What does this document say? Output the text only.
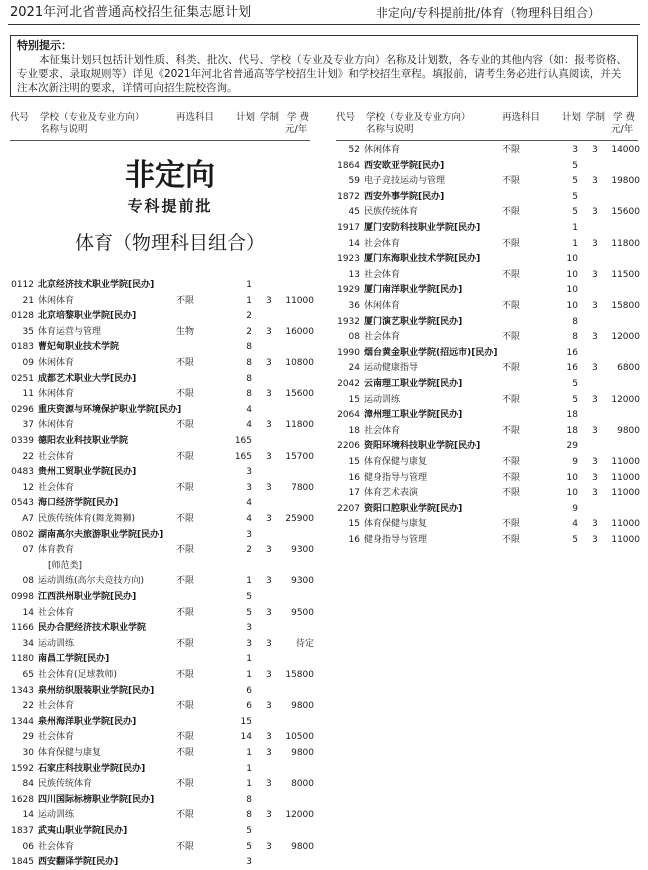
2021年河北省普通高校招生征集志愿计划	非定向/专科提前批/体育（物理科目组合）
特别提示：
本征集计划只包括计划性质、科类、批次、代号、学校（专业及专业方向）名称及计划数，各专业的其他内容（如：报考资格、专业要求、录取规则等）详见《2021年河北省普通高等学校招生计划》和学校招生章程。填报前，请考生务必进行认真阅读，并关注本次新注明的要求，详情可向招生院校咨询。
代号 学校（专业及专业方向）
名称与说明
再选科目 计划 学制 学 费
元/年
代号 学校（专业及专业方向）
名称与说明
再选科目 计划 学制 学 费
元/年
非定向
专科提前批
体育（物理科目组合）
0112 北京经济技术职业学院[民办]	1
21 休闲体育	不限	1 3	11000
0128 北京培黎职业学院[民办]	2
35 体育运营与管理	生物	2 3	16000
0183 曹妃甸职业技术学院	8
09 休闲体育	不限	8 3	10800
0251 成都艺术职业大学[民办]	8
11 休闲体育	不限	8 3	15600
0296 重庆资源与环境保护职业学院[民办]	4
37 休闲体育	不限	4 3	11800
0339 德阳农业科技职业学院	165
22 社会体育	不限	165 3	15700
0483 贵州工贸职业学院[民办]	3
12 社会体育	不限	3 3	7800
0543 海口经济学院[民办]	4
A7 民族传统体育(舞龙舞狮)	不限	4 3	25900
0802 湖南高尔夫旅游职业学院[民办]	3
07 体育教育	不限	2 3	9300
[师范类]
08 运动训练(高尔夫竞技方向)	不限	1 3	9300
0998 江西洪州职业学院[民办]	5
14 社会体育	不限	5 3	9500
1166 民办合肥经济技术职业学院	3
34 运动训练	不限	3 3	待定
1180 南昌工学院[民办]	1
65 社会体育(足球教师)	不限	1 3	15800
1343 泉州纺织服装职业学院[民办]	6
22 社会体育	不限	6 3	9800
1344 泉州海洋职业学院[民办]	15
29 社会体育	不限	14 3	10500
30 体育保健与康复	不限	1 3	9800
1592 石家庄科技职业学院[民办]	1
84 民族传统体育	不限	1 3	8000
1628 四川国际标榜职业学院[民办]	8
14 运动训练	不限	8 3	12000
1837 武夷山职业学院[民办]	5
06 社会体育	不限	5 3	9800
1845 西安翻译学院[民办]	3
52 休闲体育	不限	3 3	14000
1864 西安欧亚学院[民办]	5
59 电子竞技运动与管理	不限	5 3	19800
1872 西安外事学院[民办]	5
45 民族传统体育	不限	5 3	15600
1917 厦门安防科技职业学院[民办]	1
14 社会体育	不限	1 3	11800
1923 厦门东海职业技术学院[民办]	10
13 社会体育	不限	10 3	11500
1929 厦门南洋职业学院[民办]	10
36 休闲体育	不限	10 3	15800
1932 厦门演艺职业学院[民办]	8
08 社会体育	不限	8 3	12000
1990 烟台黄金职业学院(招远市)[民办]	16
24 运动健康指导	不限	16 3	6800
2042 云南理工职业学院[民办]	5
15 运动训练	不限	5 3	12000
2064 漳州理工职业学院[民办]	18
18 社会体育	不限	18 3	9800
2206 资阳环境科技职业学院[民办]	29
15 体育保健与康复	不限	9 3	11000
16 健身指导与管理	不限	10 3	11000
17 体育艺术表演	不限	10 3	11000
2207 资阳口腔职业学院[民办]	9
15 体育保健与康复	不限	4 3	11000
16 健身指导与管理	不限	5 3	11000
